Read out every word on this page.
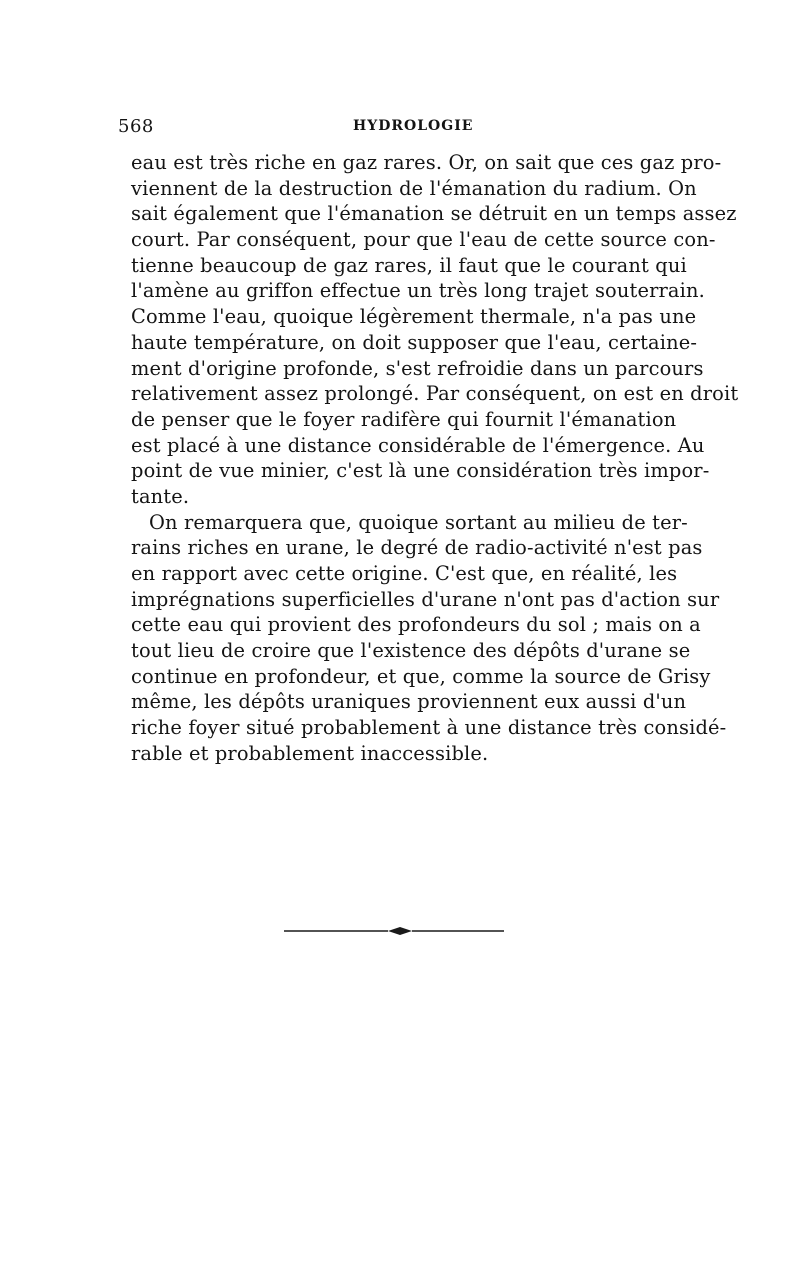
568	HYDROLOGIE
eau est très riche en gaz rares. Or, on sait que ces gaz pro-
viennent de la destruction de l'émanation du radium. On
sait également que l'émanation se détruit en un temps assez
court. Par conséquent, pour que l'eau de cette source con-
tienne beaucoup de gaz rares, il faut que le courant qui
l'amène au griffon effectue un très long trajet souterrain.
Comme l'eau, quoique légèrement thermale, n'a pas une
haute température, on doit supposer que l'eau, certaine-
ment d'origine profonde, s'est refroidie dans un parcours
relativement assez prolongé. Par conséquent, on est en droit
de penser que le foyer radifère qui fournit l'émanation
est placé à une distance considérable de l'émergence. Au
point de vue minier, c'est là une considération très impor-
tante.
On remarquera que, quoique sortant au milieu de ter-
rains riches en urane, le degré de radio-activité n'est pas
en rapport avec cette origine. C'est que, en réalité, les
imprégnations superficielles d'urane n'ont pas d'action sur
cette eau qui provient des profondeurs du sol ; mais on a
tout lieu de croire que l'existence des dépôts d'urane se
continue en profondeur, et que, comme la source de Grisy
même, les dépôts uraniques proviennent eux aussi d'un
riche foyer situé probablement à une distance très considé-
rable et probablement inaccessible.
